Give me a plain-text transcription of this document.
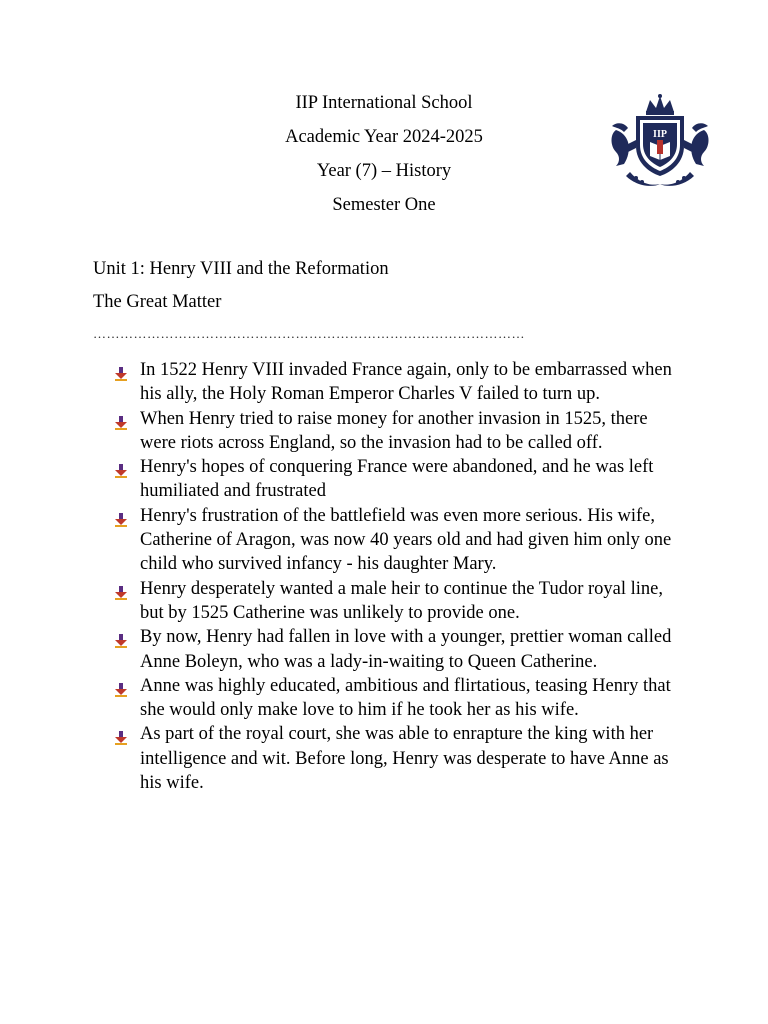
IIP International School
Academic Year 2024-2025
Year (7) – History
Semester One
IIP
Unit 1: Henry VIII and the Reformation
The Great Matter
……………………………………………………………………………………
In 1522 Henry VIII invaded France again, only to be embarrassed when his ally, the Holy Roman Emperor Charles V failed to turn up.
When Henry tried to raise money for another invasion in 1525, there were riots across England, so the invasion had to be called off.
Henry's hopes of conquering France were abandoned, and he was left humiliated and frustrated
Henry's frustration of the battlefield was even more serious. His wife, Catherine of Aragon, was now 40 years old and had given him only one child who survived infancy - his daughter Mary.
Henry desperately wanted a male heir to continue the Tudor royal line, but by 1525 Catherine was unlikely to provide one.
By now, Henry had fallen in love with a younger, prettier woman called Anne Boleyn, who was a lady-in-waiting to Queen Catherine.
Anne was highly educated, ambitious and flirtatious, teasing Henry that she would only make love to him if he took her as his wife.
As part of the royal court, she was able to enrapture the king with her intelligence and wit. Before long, Henry was desperate to have Anne as his wife.
